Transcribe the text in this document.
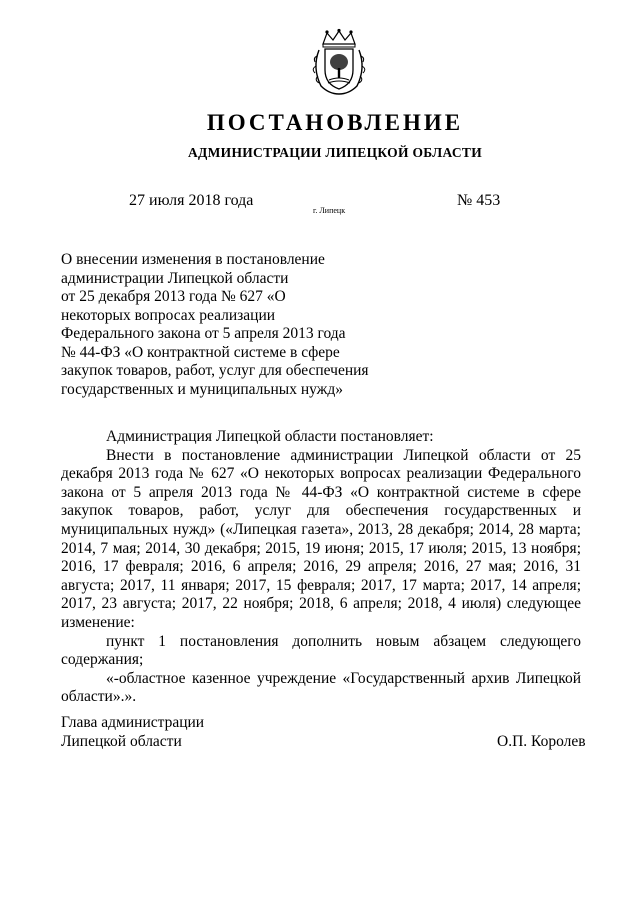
ПОСТАНОВЛЕНИЕ
АДМИНИСТРАЦИИ ЛИПЕЦКОЙ ОБЛАСТИ
27 июля 2018 года
г. Липецк
№ 453
О внесении изменения в постановление
администрации Липецкой области
от 25 декабря 2013 года № 627 «О
некоторых вопросах реализации
Федерального закона от 5 апреля 2013 года
№ 44-ФЗ «О контрактной системе в сфере
закупок товаров, работ, услуг для обеспечения
государственных и муниципальных нужд»

Администрация Липецкой области постановляет:

Внести в постановление администрации Липецкой области от 25 декабря 2013 года № 627 «О некоторых вопросах реализации Федерального закона от 5 апреля 2013 года № 44-ФЗ «О контрактной системе в сфере закупок товаров, работ, услуг для обеспечения государственных и муниципальных нужд» («Липецкая газета», 2013, 28 декабря; 2014, 28 марта; 2014, 7 мая; 2014, 30 декабря; 2015, 19 июня; 2015, 17 июля; 2015, 13 ноября; 2016, 17 февраля; 2016, 6 апреля; 2016, 29 апреля; 2016, 27 мая; 2016, 31 августа; 2017, 11 января; 2017, 15 февраля; 2017, 17 марта; 2017, 14 апреля; 2017, 23 августа; 2017, 22 ноября; 2018, 6 апреля; 2018, 4 июля) следующее изменение:

пункт 1 постановления дополнить новым абзацем следующего содержания;

«-областное казенное учреждение «Государственный архив Липецкой области».».

Глава администрации
Липецкой области	О.П. Королев
